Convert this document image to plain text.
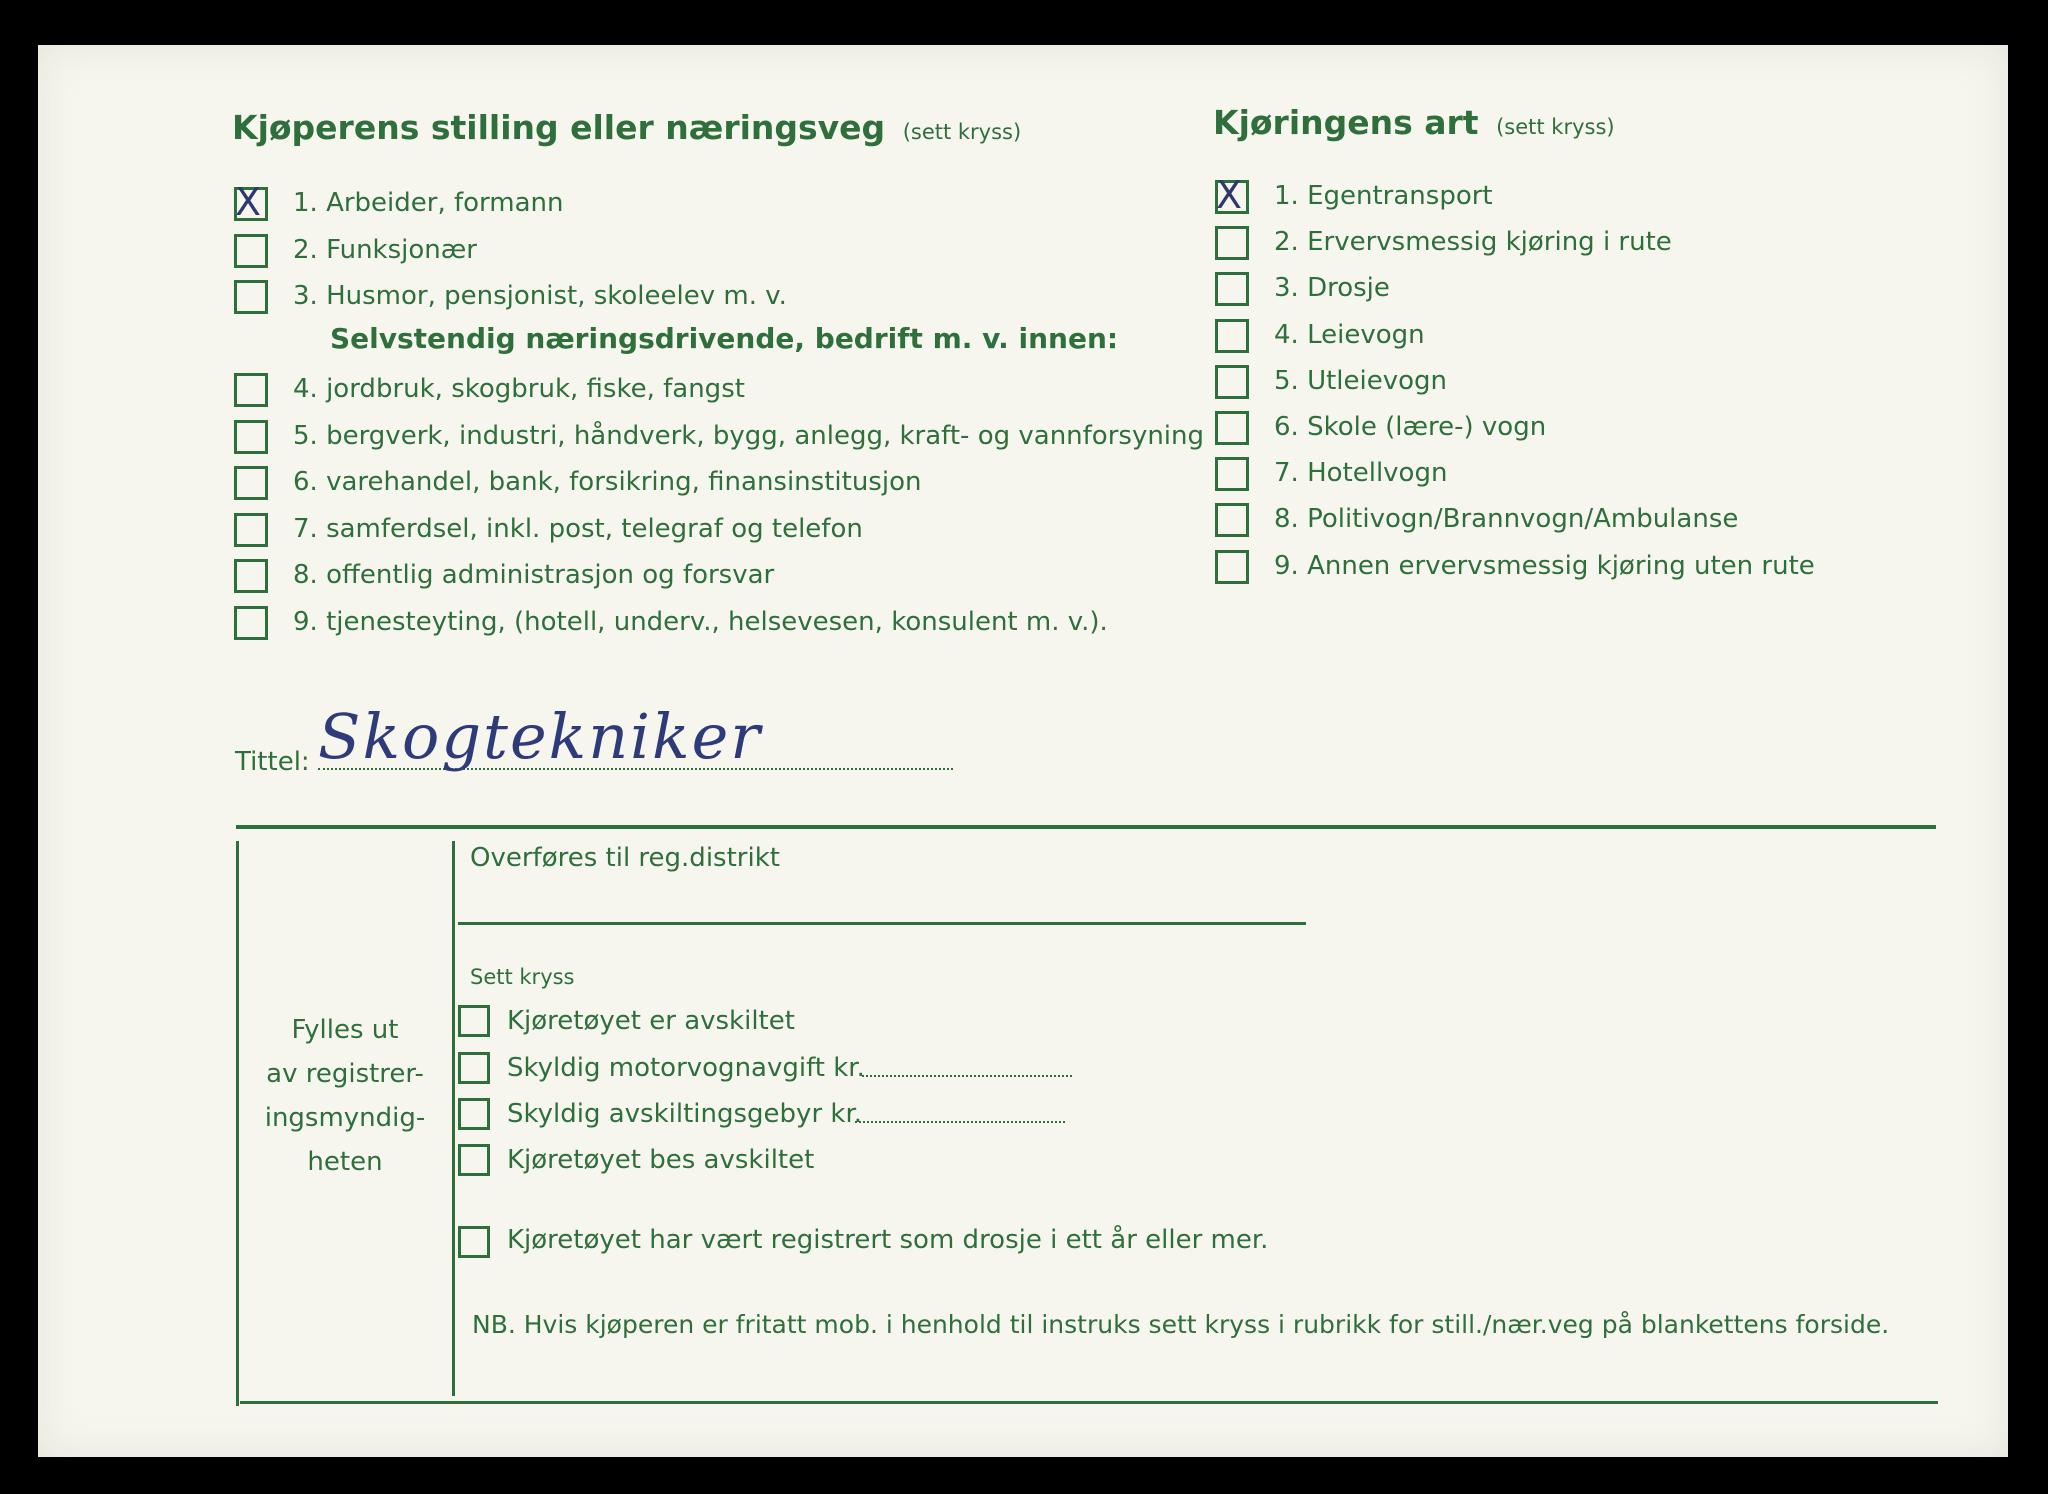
Kjøperens stilling eller næringsveg (sett kryss)
X 1. Arbeider, formann
2. Funksjonær
3. Husmor, pensjonist, skoleelev m. v.
Selvstendig næringsdrivende, bedrift m. v. innen:
4. jordbruk, skogbruk, fiske, fangst
5. bergverk, industri, håndverk, bygg, anlegg, kraft- og vannforsyning
6. varehandel, bank, forsikring, finansinstitusjon
7. samferdsel, inkl. post, telegraf og telefon
8. offentlig administrasjon og forsvar
9. tjenesteyting, (hotell, underv., helsevesen, konsulent m. v.).
Kjøringens art (sett kryss)
X 1. Egentransport
2. Ervervsmessig kjøring i rute
3. Drosje
4. Leievogn
5. Utleievogn
6. Skole (lære-) vogn
7. Hotellvogn
8. Politivogn/Brannvogn/Ambulanse
9. Annen ervervsmessig kjøring uten rute
Tittel: Skogtekniker
Fylles ut
av registrer-
ingsmyndig-
heten
Overføres til reg.distrikt
Sett kryss
Kjøretøyet er avskiltet
Skyldig motorvognavgift kr.
Skyldig avskiltingsgebyr kr.
Kjøretøyet bes avskiltet
Kjøretøyet har vært registrert som drosje i ett år eller mer.
NB. Hvis kjøperen er fritatt mob. i henhold til instruks sett kryss i rubrikk for still./nær.veg på blankettens forside.
